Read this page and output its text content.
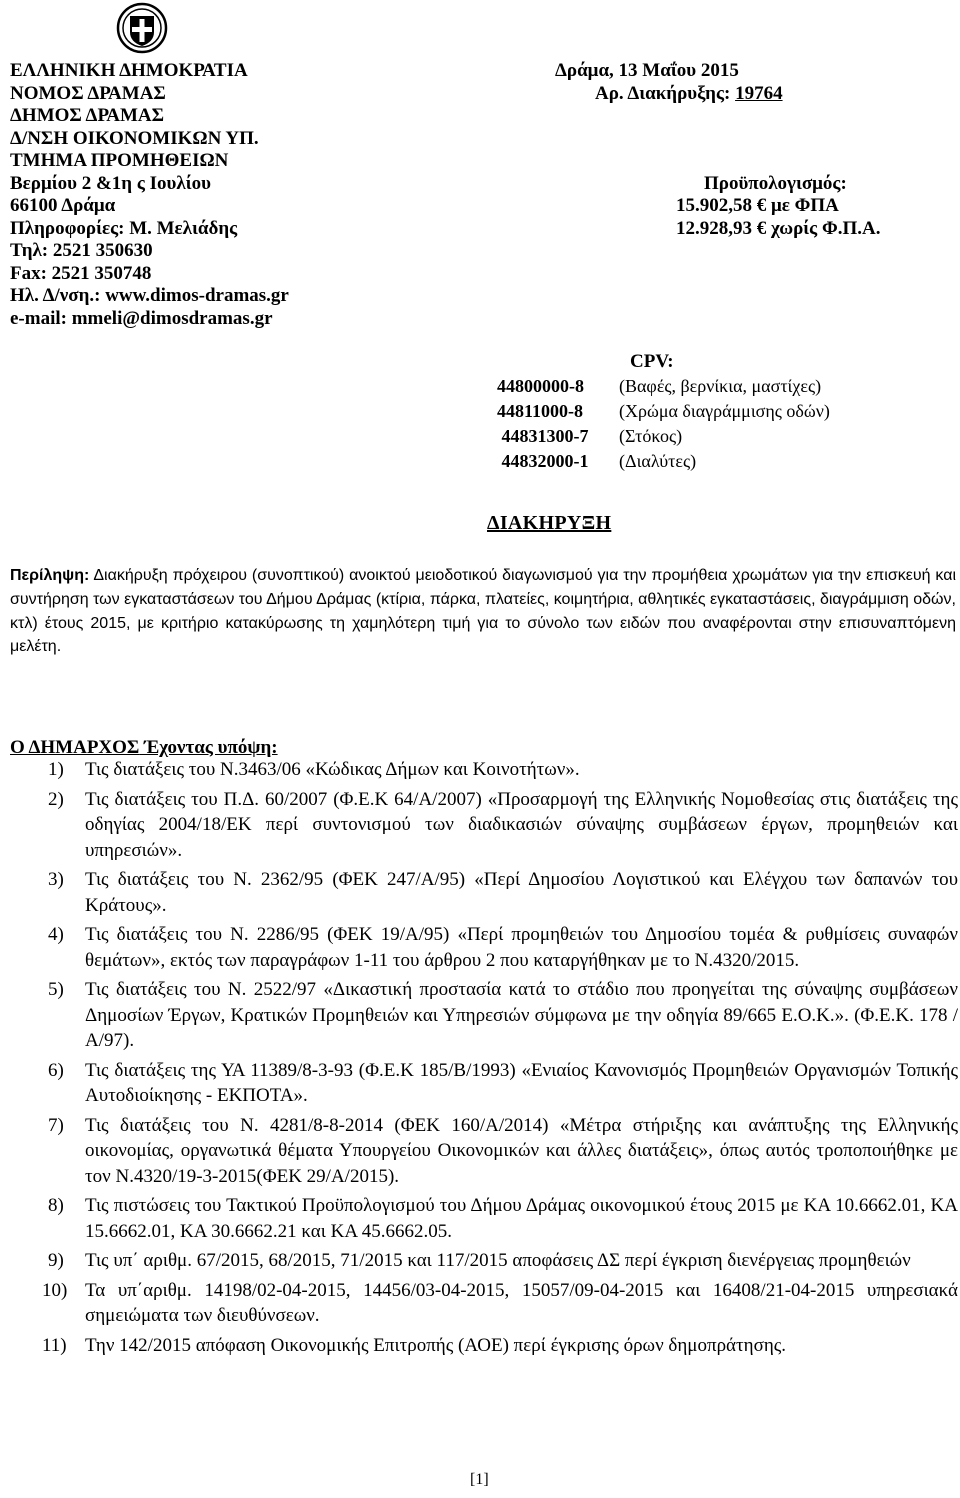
ΕΛΛΗΝΙΚΗ ΔΗΜΟΚΡΑΤΙΑ
ΝΟΜΟΣ ΔΡΑΜΑΣ
ΔΗΜΟΣ ΔΡΑΜΑΣ
Δ/ΝΣΗ ΟΙΚΟΝΟΜΙΚΩΝ ΥΠ.
ΤΜΗΜΑ ΠΡΟΜΗΘΕΙΩΝ
Βερμίου 2 &1η ς Ιουλίου
66100 Δράμα
Πληροφορίες: Μ. Μελιάδης
Τηλ: 2521 350630
Fax: 2521 350748
Ηλ. Δ/νση.: www.dimos-dramas.gr
e-mail: mmeli@dimosdramas.gr
Δράμα, 13 Μαΐου 2015
Αρ. Διακήρυξης: 19764
Προϋπολογισμός:
15.902,58 € με ΦΠΑ
12.928,93 € χωρίς Φ.Π.Α.
CPV:
44800000-8 (Βαφές, βερνίκια, μαστίχες)
44811000-8 (Χρώμα διαγράμμισης οδών)
44831300-7 (Στόκος)
44832000-1 (Διαλύτες)
ΔΙΑΚΗΡΥΞΗ
Περίληψη: Διακήρυξη πρόχειρου (συνοπτικού) ανοικτού μειοδοτικού διαγωνισμού για την προμήθεια χρωμάτων για την επισκευή και συντήρηση των εγκαταστάσεων του Δήμου Δράμας (κτίρια, πάρκα, πλατείες, κοιμητήρια, αθλητικές εγκαταστάσεις, διαγράμμιση οδών, κτλ) έτους 2015, με κριτήριο κατακύρωσης τη χαμηλότερη τιμή για το σύνολο των ειδών που αναφέρονται στην επισυναπτόμενη μελέτη.
Ο ΔΗΜΑΡΧΟΣ Έχοντας υπόψη:
1) Τις διατάξεις του Ν.3463/06 «Κώδικας Δήμων και Κοινοτήτων».
2) Τις διατάξεις του Π.Δ. 60/2007 (Φ.Ε.Κ 64/Α/2007) «Προσαρμογή της Ελληνικής Νομοθεσίας στις διατάξεις της οδηγίας 2004/18/ΕΚ περί συντονισμού των διαδικασιών σύναψης συμβάσεων έργων, προμηθειών και υπηρεσιών».
3) Τις διατάξεις του Ν. 2362/95 (ΦΕΚ 247/Α/95) «Περί Δημοσίου Λογιστικού και Ελέγχου των δαπανών του Κράτους».
4) Τις διατάξεις του Ν. 2286/95 (ΦΕΚ 19/Α/95) «Περί προμηθειών του Δημοσίου τομέα & ρυθμίσεις συναφών θεμάτων», εκτός των παραγράφων 1-11 του άρθρου 2 που καταργήθηκαν με το Ν.4320/2015.
5) Τις διατάξεις του Ν. 2522/97 «Δικαστική προστασία κατά το στάδιο που προηγείται της σύναψης συμβάσεων Δημοσίων Έργων, Κρατικών Προμηθειών και Υπηρεσιών σύμφωνα με την οδηγία 89/665 Ε.Ο.Κ.». (Φ.Ε.Κ. 178 /Α/97).
6) Τις διατάξεις της ΥΑ 11389/8-3-93 (Φ.Ε.Κ 185/Β/1993) «Ενιαίος Κανονισμός Προμηθειών Οργανισμών Τοπικής Αυτοδιοίκησης - ΕΚΠΟΤΑ».
7) Τις διατάξεις του Ν. 4281/8-8-2014 (ΦΕΚ 160/Α/2014) «Μέτρα στήριξης και ανάπτυξης της Ελληνικής οικονομίας, οργανωτικά θέματα Υπουργείου Οικονομικών και άλλες διατάξεις», όπως αυτός τροποποιήθηκε με τον Ν.4320/19-3-2015(ΦΕΚ 29/Α/2015).
8) Τις πιστώσεις του Τακτικού Προϋπολογισμού του Δήμου Δράμας οικονομικού έτους 2015 με ΚΑ 10.6662.01, ΚΑ 15.6662.01, ΚΑ 30.6662.21 και ΚΑ 45.6662.05.
9) Τις υπ΄ αριθμ. 67/2015, 68/2015, 71/2015 και 117/2015 αποφάσεις ΔΣ περί έγκριση διενέργειας προμηθειών
10) Τα υπ΄αριθμ. 14198/02-04-2015, 14456/03-04-2015, 15057/09-04-2015 και 16408/21-04-2015 υπηρεσιακά σημειώματα των διευθύνσεων.
11) Την 142/2015 απόφαση Οικονομικής Επιτροπής (ΑΟΕ) περί έγκρισης όρων δημοπράτησης.
[1]
